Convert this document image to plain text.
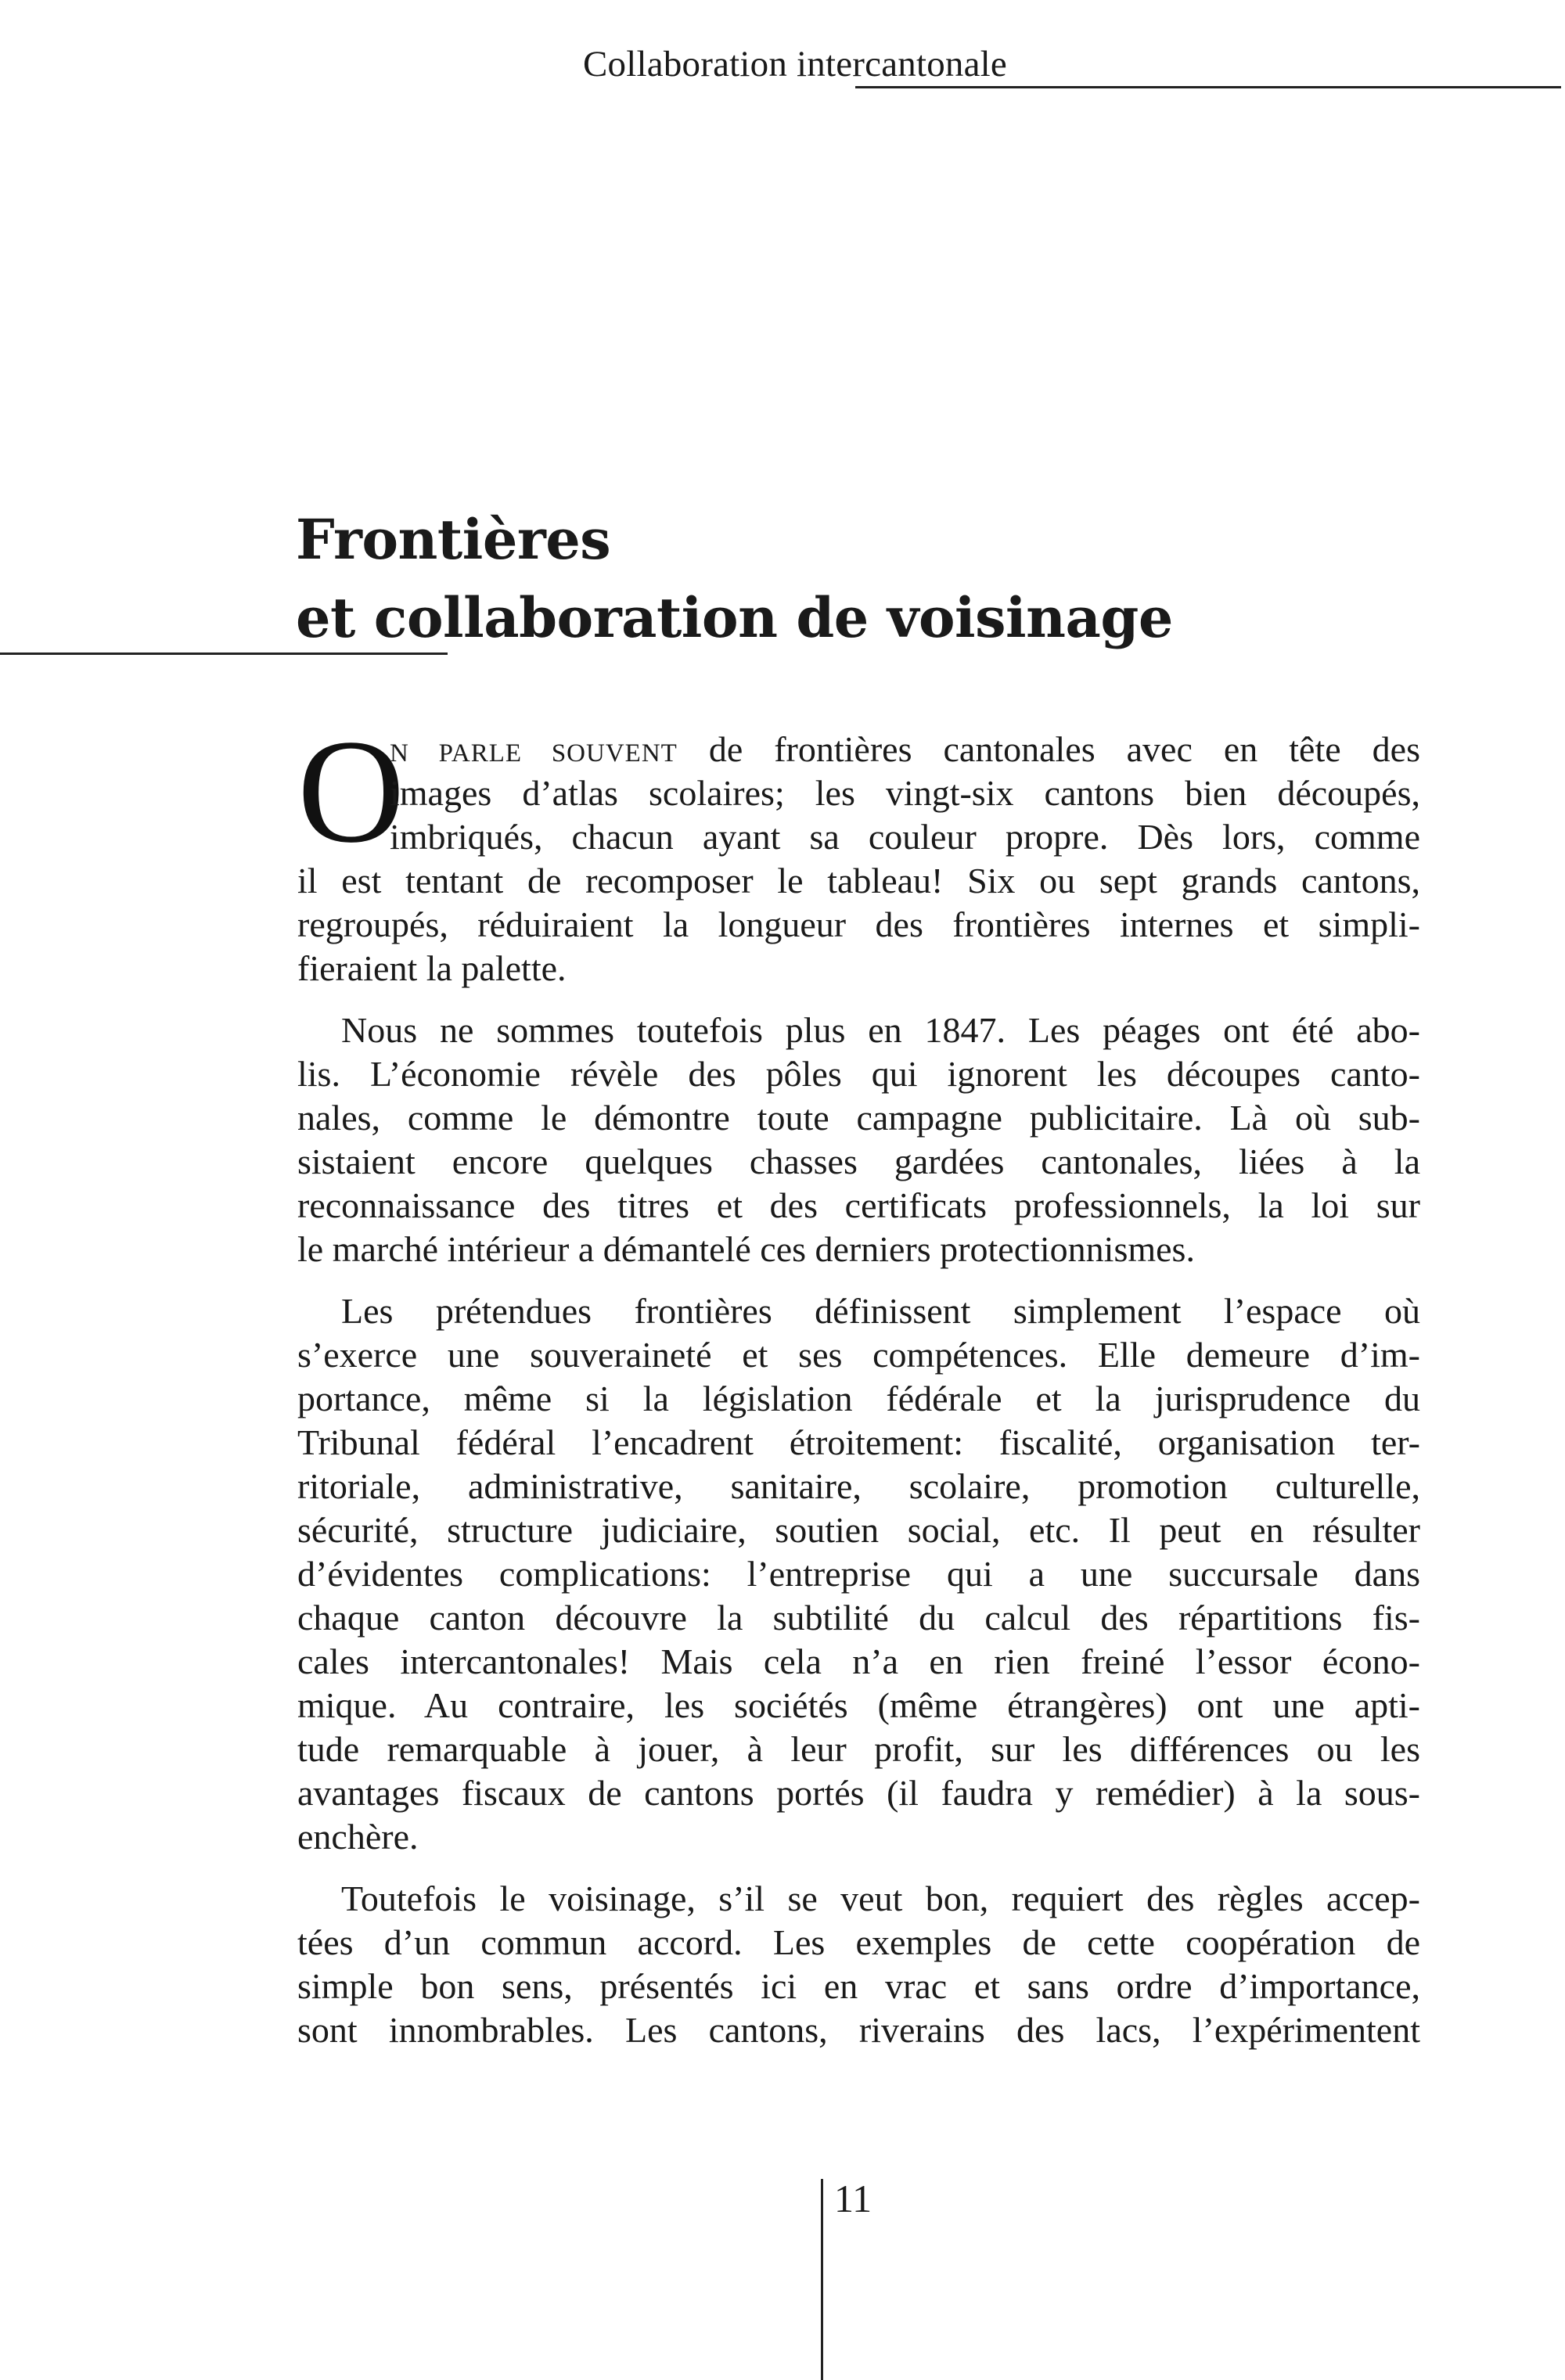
Collaboration intercantonale
Frontières
et collaboration de voisinage
O

N PARLE SOUVENT de frontières cantonales avec en tête des
images d’atlas scolaires; les vingt-six cantons bien découpés,
imbriqués, chacun ayant sa couleur propre. Dès lors, comme
il est tentant de recomposer le tableau! Six ou sept grands cantons,
regroupés, réduiraient la longueur des frontières internes et simpli-
fieraient la palette.

Nous ne sommes toutefois plus en 1847. Les péages ont été abo-
lis. L’économie révèle des pôles qui ignorent les découpes canto-
nales, comme le démontre toute campagne publicitaire. Là où sub-
sistaient encore quelques chasses gardées cantonales, liées à la
reconnaissance des titres et des certificats professionnels, la loi sur
le marché intérieur a démantelé ces derniers protectionnismes.

Les prétendues frontières définissent simplement l’espace où
s’exerce une souveraineté et ses compétences. Elle demeure d’im-
portance, même si la législation fédérale et la jurisprudence du
Tribunal fédéral l’encadrent étroitement: fiscalité, organisation ter-
ritoriale, administrative, sanitaire, scolaire, promotion culturelle,
sécurité, structure judiciaire, soutien social, etc. Il peut en résulter
d’évidentes complications: l’entreprise qui a une succursale dans
chaque canton découvre la subtilité du calcul des répartitions fis-
cales intercantonales! Mais cela n’a en rien freiné l’essor écono-
mique. Au contraire, les sociétés (même étrangères) ont une apti-
tude remarquable à jouer, à leur profit, sur les différences ou les
avantages fiscaux de cantons portés (il faudra y remédier) à la sous-
enchère.

Toutefois le voisinage, s’il se veut bon, requiert des règles accep-
tées d’un commun accord. Les exemples de cette coopération de
simple bon sens, présentés ici en vrac et sans ordre d’importance,
sont innombrables. Les cantons, riverains des lacs, l’expérimentent

11
